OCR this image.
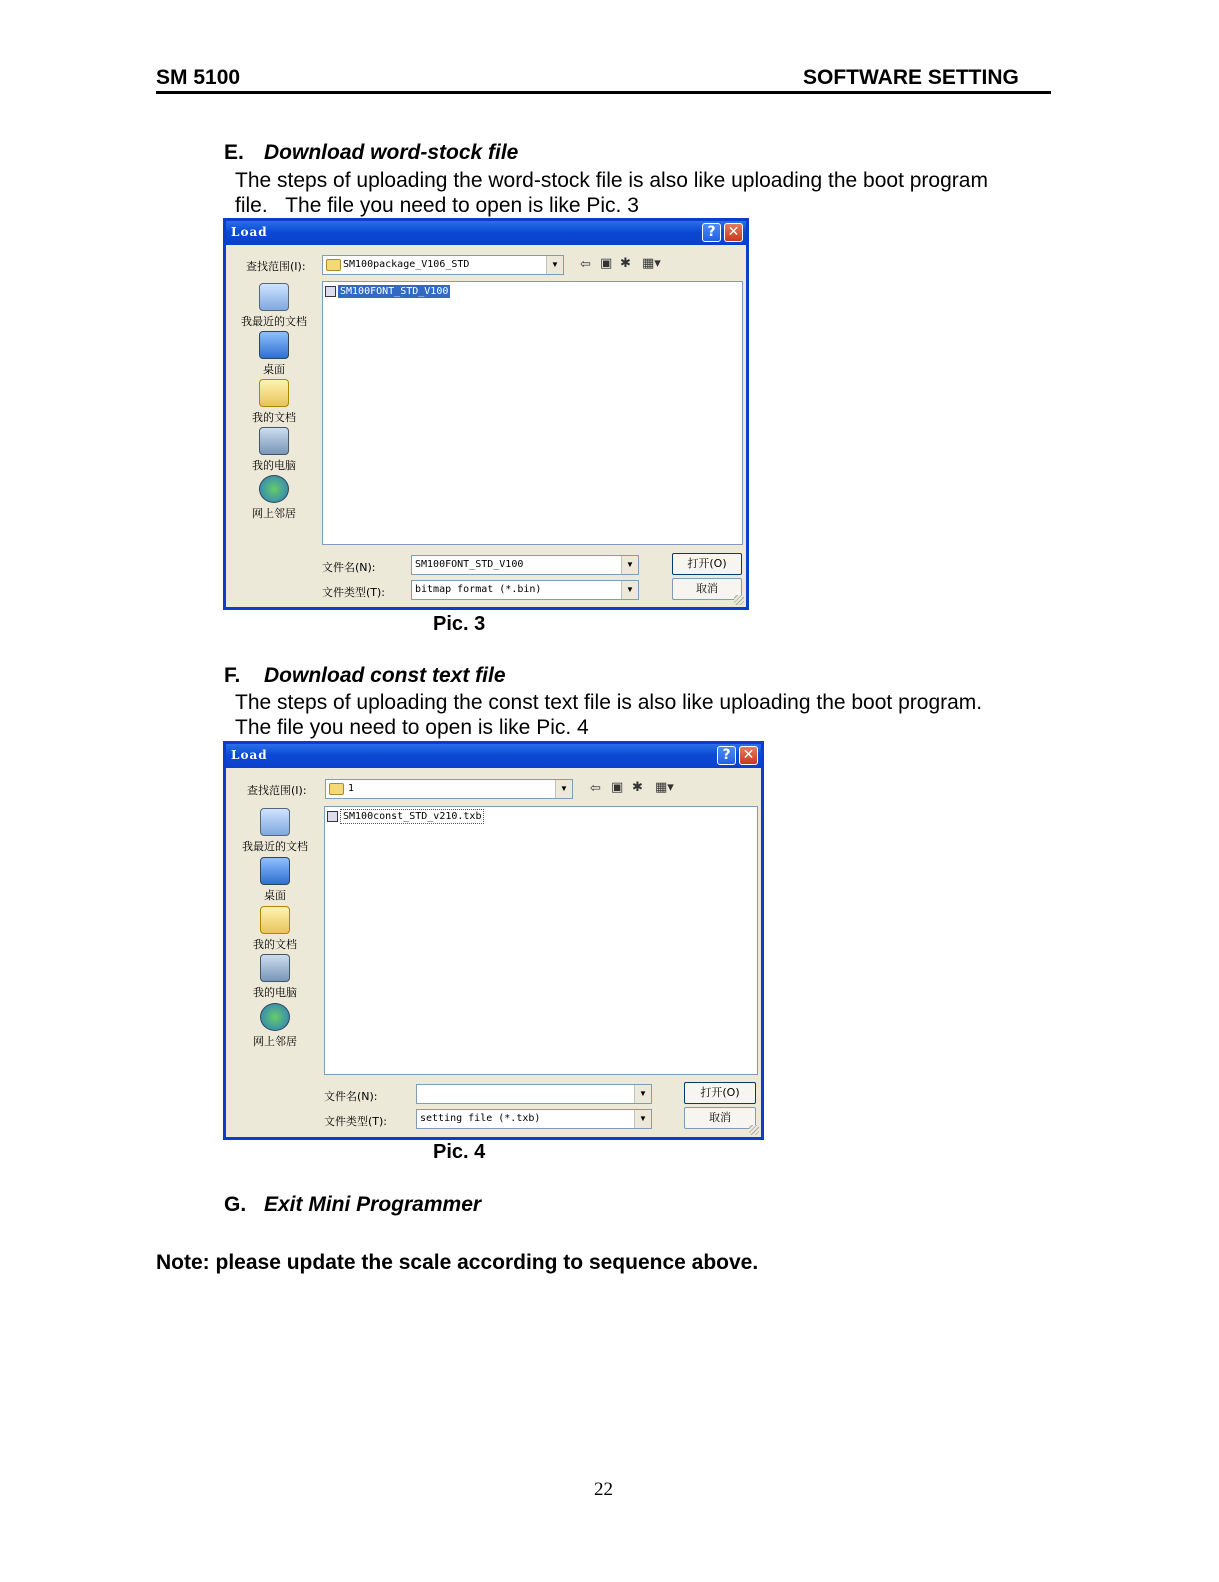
SM 5100	SOFTWARE SETTING
E. Download word-stock file
The steps of uploading the word-stock file is also like uploading the boot program
file.   The file you need to open is like Pic. 3
Load	? ✕
查找范围(I):	SM100package_V106_STD	▼	⇦ ▣ ✱ ▦▾
我最近的文档
桌面
我的文档
我的电脑
网上邻居
SM100FONT_STD_V100
文件名(N):	SM100FONT_STD_V100	▼
文件类型(T):	bitmap format (*.bin)	▼
打开(O)
取消
Pic. 3
F. Download const text file
The steps of uploading the const text file is also like uploading the boot program.
The file you need to open is like Pic. 4
Load	? ✕
查找范围(I):	1	▼	⇦ ▣ ✱ ▦▾
我最近的文档
桌面
我的文档
我的电脑
网上邻居
SM100const_STD_v210.txb
文件名(N):	▼
文件类型(T):	setting file (*.txb)	▼
打开(O)
取消
Pic. 4
G. Exit Mini Programmer
Note: please update the scale according to sequence above.
22
